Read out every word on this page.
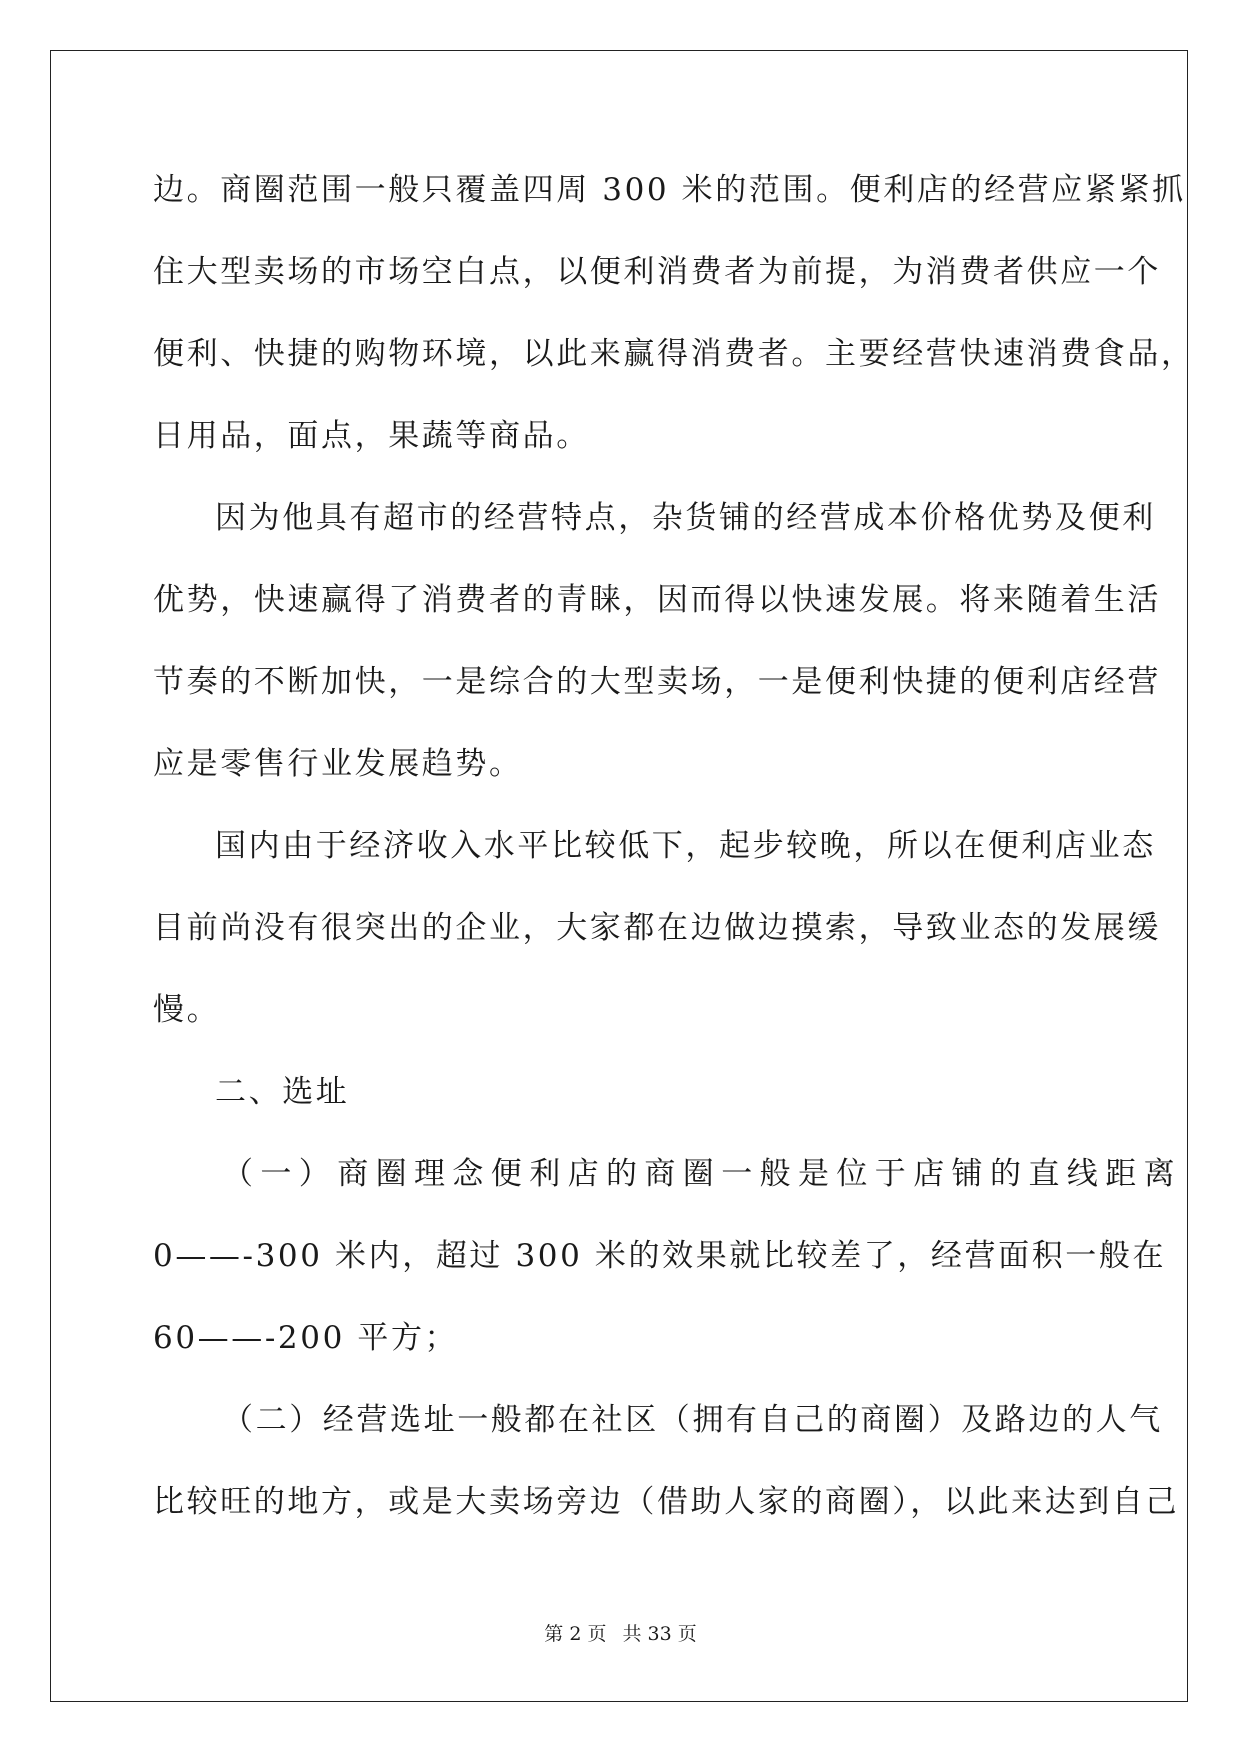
边。商圈范围一般只覆盖四周 300 米的范围。便利店的经营应紧紧抓
住大型卖场的市场空白点，以便利消费者为前提，为消费者供应一个
便利、快捷的购物环境，以此来赢得消费者。主要经营快速消费食品，
日用品，面点，果蔬等商品。
因为他具有超市的经营特点，杂货铺的经营成本价格优势及便利
优势，快速赢得了消费者的青睐，因而得以快速发展。将来随着生活
节奏的不断加快，一是综合的大型卖场，一是便利快捷的便利店经营
应是零售行业发展趋势。
国内由于经济收入水平比较低下，起步较晚，所以在便利店业态
目前尚没有很突出的企业，大家都在边做边摸索，导致业态的发展缓
慢。
二、选址
（一）商圈理念便利店的商圈一般是位于店铺的直线距离
0——-300 米内，超过 300 米的效果就比较差了，经营面积一般在
60——-200 平方；
（二）经营选址一般都在社区（拥有自己的商圈）及路边的人气
比较旺的地方，或是大卖场旁边（借助人家的商圈），以此来达到自己
第 2 页 共 33 页
